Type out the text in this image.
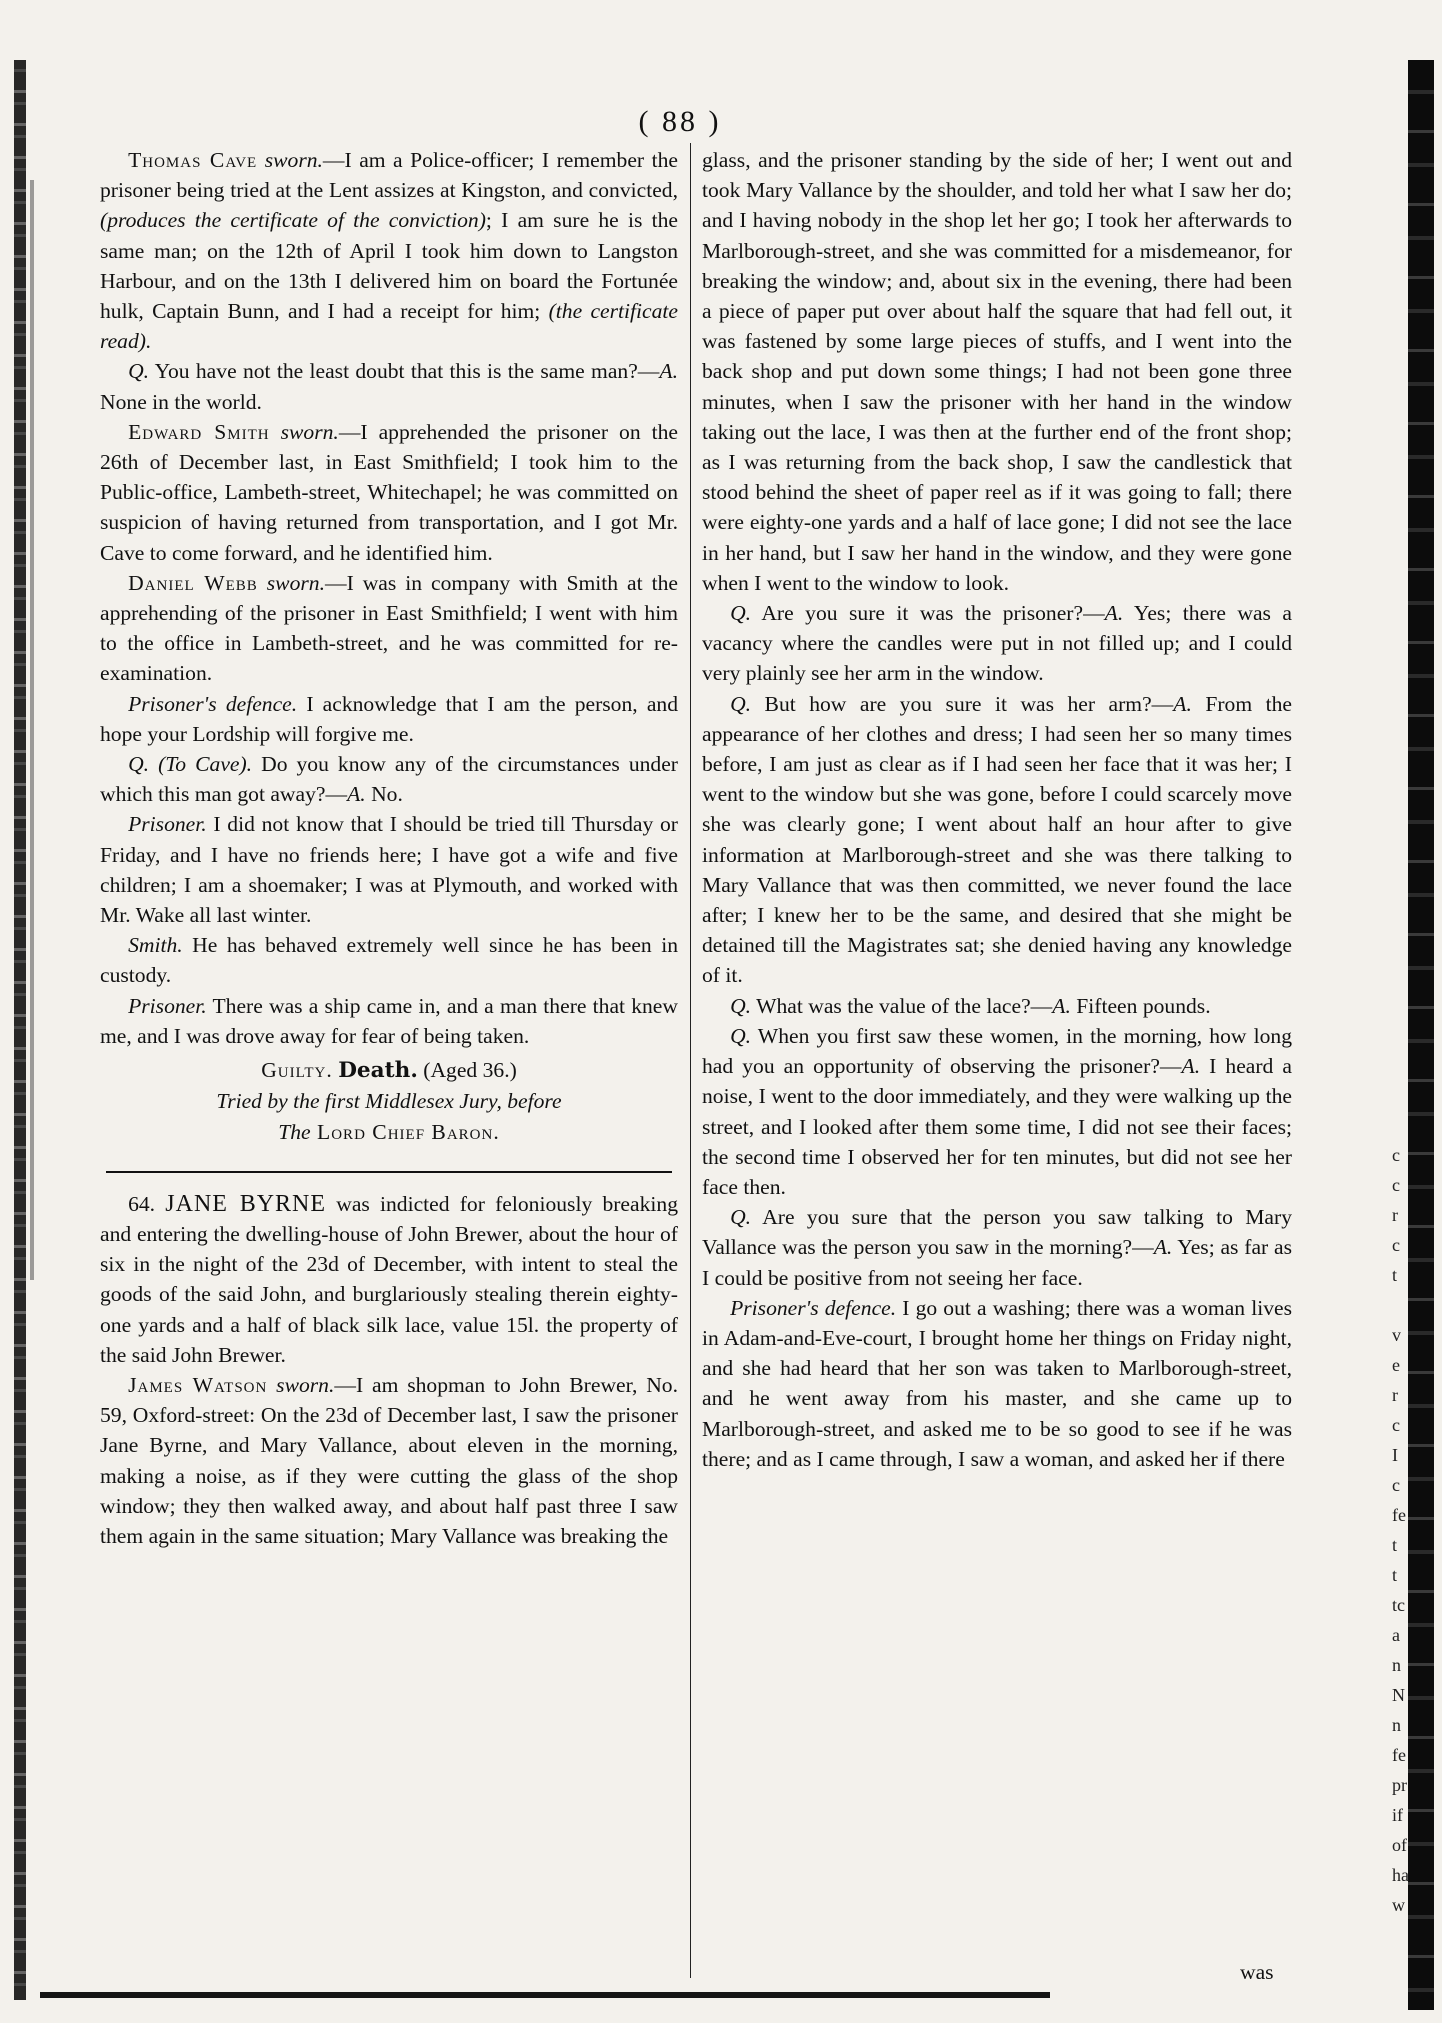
( 88 )

Thomas Cave sworn.—I am a Police-officer; I remember the prisoner being tried at the Lent assizes at Kingston, and convicted, (produces the certificate of the conviction); I am sure he is the same man; on the 12th of April I took him down to Langston Harbour, and on the 13th I delivered him on board the Fortunée hulk, Captain Bunn, and I had a receipt for him; (the certificate read).

Q. You have not the least doubt that this is the same man?—A. None in the world.

Edward Smith sworn.—I apprehended the prisoner on the 26th of December last, in East Smithfield; I took him to the Public-office, Lambeth-street, Whitechapel; he was committed on suspicion of having returned from transportation, and I got Mr. Cave to come forward, and he identified him.

Daniel Webb sworn.—I was in company with Smith at the apprehending of the prisoner in East Smithfield; I went with him to the office in Lambeth-street, and he was committed for re-examination.

Prisoner's defence. I acknowledge that I am the person, and hope your Lordship will forgive me.

Q. (To Cave). Do you know any of the circumstances under which this man got away?—A. No.

Prisoner. I did not know that I should be tried till Thursday or Friday, and I have no friends here; I have got a wife and five children; I am a shoemaker; I was at Plymouth, and worked with Mr. Wake all last winter.

Smith. He has behaved extremely well since he has been in custody.

Prisoner. There was a ship came in, and a man there that knew me, and I was drove away for fear of being taken.

Guilty. Death. (Aged 36.)
Tried by the first Middlesex Jury, before
The Lord Chief Baron.

64. JANE BYRNE was indicted for feloniously breaking and entering the dwelling-house of John Brewer, about the hour of six in the night of the 23d of December, with intent to steal the goods of the said John, and burglariously stealing therein eighty-one yards and a half of black silk lace, value 15l. the property of the said John Brewer.

James Watson sworn.—I am shopman to John Brewer, No. 59, Oxford-street: On the 23d of December last, I saw the prisoner Jane Byrne, and Mary Vallance, about eleven in the morning, making a noise, as if they were cutting the glass of the shop window; they then walked away, and about half past three I saw them again in the same situation; Mary Vallance was breaking the

glass, and the prisoner standing by the side of her; I went out and took Mary Vallance by the shoulder, and told her what I saw her do; and I having nobody in the shop let her go; I took her afterwards to Marlborough-street, and she was committed for a misdemeanor, for breaking the window; and, about six in the evening, there had been a piece of paper put over about half the square that had fell out, it was fastened by some large pieces of stuffs, and I went into the back shop and put down some things; I had not been gone three minutes, when I saw the prisoner with her hand in the window taking out the lace, I was then at the further end of the front shop; as I was returning from the back shop, I saw the candlestick that stood behind the sheet of paper reel as if it was going to fall; there were eighty-one yards and a half of lace gone; I did not see the lace in her hand, but I saw her hand in the window, and they were gone when I went to the window to look.

Q. Are you sure it was the prisoner?—A. Yes; there was a vacancy where the candles were put in not filled up; and I could very plainly see her arm in the window.

Q. But how are you sure it was her arm?—A. From the appearance of her clothes and dress; I had seen her so many times before, I am just as clear as if I had seen her face that it was her; I went to the window but she was gone, before I could scarcely move she was clearly gone; I went about half an hour after to give information at Marlborough-street and she was there talking to Mary Vallance that was then committed, we never found the lace after; I knew her to be the same, and desired that she might be detained till the Magistrates sat; she denied having any knowledge of it.

Q. What was the value of the lace?—A. Fifteen pounds.

Q. When you first saw these women, in the morning, how long had you an opportunity of observing the prisoner?—A. I heard a noise, I went to the door immediately, and they were walking up the street, and I looked after them some time, I did not see their faces; the second time I observed her for ten minutes, but did not see her face then.

Q. Are you sure that the person you saw talking to Mary Vallance was the person you saw in the morning?—A. Yes; as far as I could be positive from not seeing her face.

Prisoner's defence. I go out a washing; there was a woman lives in Adam-and-Eve-court, I brought home her things on Friday night, and she had heard that her son was taken to Marlborough-street, and he went away from his master, and she came up to Marlborough-street, and asked me to be so good to see if he was there; and as I came through, I saw a woman, and asked her if there

was
c
c
r
c
t

v
e
r
c
I
c
fe
t
t
tc
a
n
N
n
fe
pr
if
of
ha
w
